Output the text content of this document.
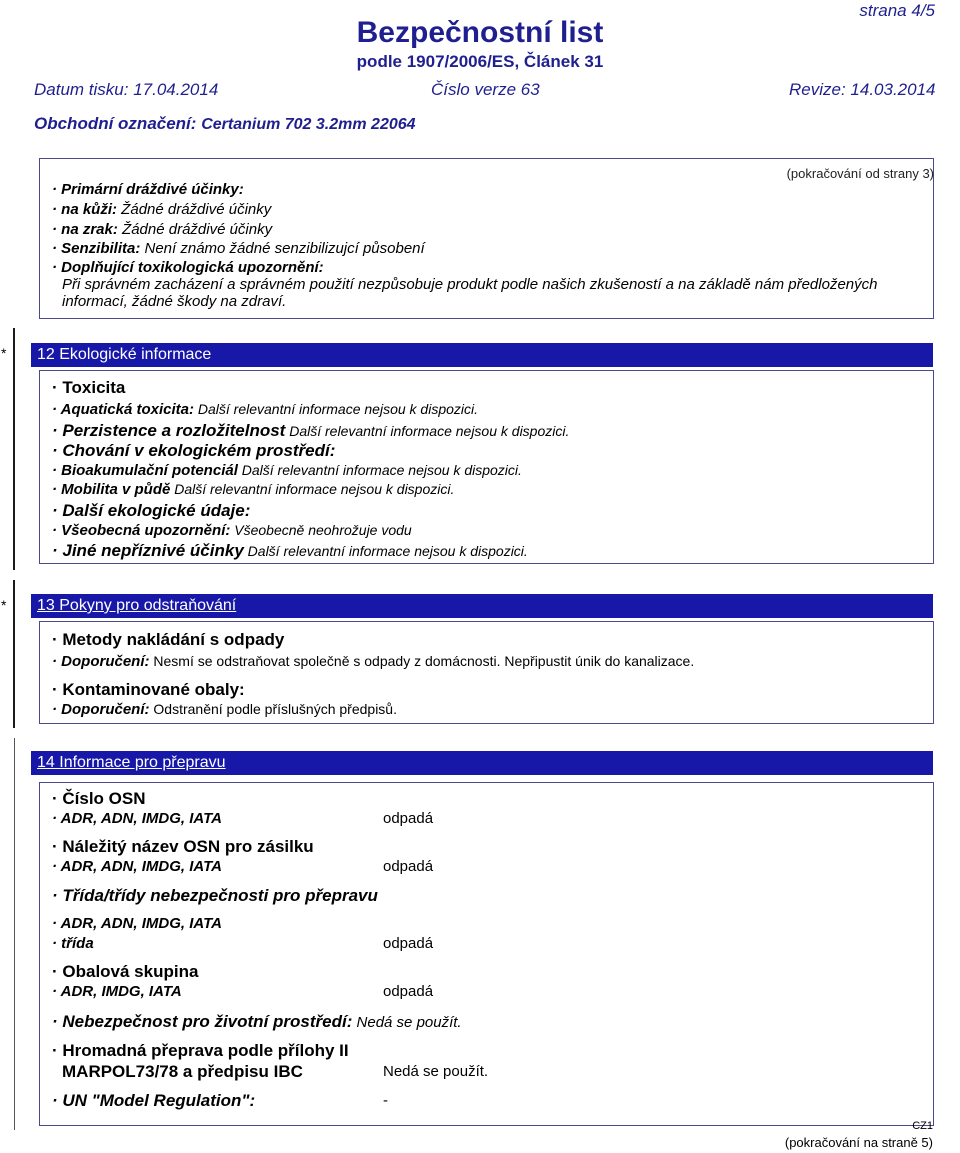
strana 4/5
Bezpečnostní list
podle 1907/2006/ES, Článek 31
Datum tisku: 17.04.2014	Číslo verze 63	Revize: 14.03.2014
Obchodní označení: Certanium 702 3.2mm 22064
(pokračování od strany 3)
· Primární dráždivé účinky:
· na kůži: Žádné dráždivé účinky
· na zrak: Žádné dráždivé účinky
· Senzibilita: Není známo žádné senzibilizujcí působení
· Doplňující toxikologická upozornění:
Při správném zacházení a správném použití nezpůsobuje produkt podle našich zkušeností a na základě nám předložených
informací, žádné škody na zdraví.
*	12 Ekologické informace
· Toxicita
· Aquatická toxicita: Další relevantní informace nejsou k dispozici.
· Perzistence a rozložitelnost Další relevantní informace nejsou k dispozici.
· Chování v ekologickém prostředí:
· Bioakumulační potenciál Další relevantní informace nejsou k dispozici.
· Mobilita v půdě Další relevantní informace nejsou k dispozici.
· Další ekologické údaje:
· Všeobecná upozornění: Všeobecně neohrožuje vodu
· Jiné nepříznivé účinky Další relevantní informace nejsou k dispozici.
*	13 Pokyny pro odstraňování
· Metody nakládání s odpady
· Doporučení: Nesmí se odstraňovat společně s odpady z domácnosti. Nepřipustit únik do kanalizace.
· Kontaminované obaly:
· Doporučení: Odstranění podle příslušných předpisů.
14 Informace pro přepravu
· Číslo OSN
· ADR, ADN, IMDG, IATA	odpadá
· Náležitý název OSN pro zásilku
· ADR, ADN, IMDG, IATA	odpadá
· Třída/třídy nebezpečnosti pro přepravu
· ADR, ADN, IMDG, IATA
· třída	odpadá
· Obalová skupina
· ADR, IMDG, IATA	odpadá
· Nebezpečnost pro životní prostředí: Nedá se použít.
· Hromadná přeprava podle přílohy II
MARPOL73/78 a předpisu IBC	Nedá se použít.
· UN "Model Regulation":	-
CZ1
(pokračování na straně 5)
